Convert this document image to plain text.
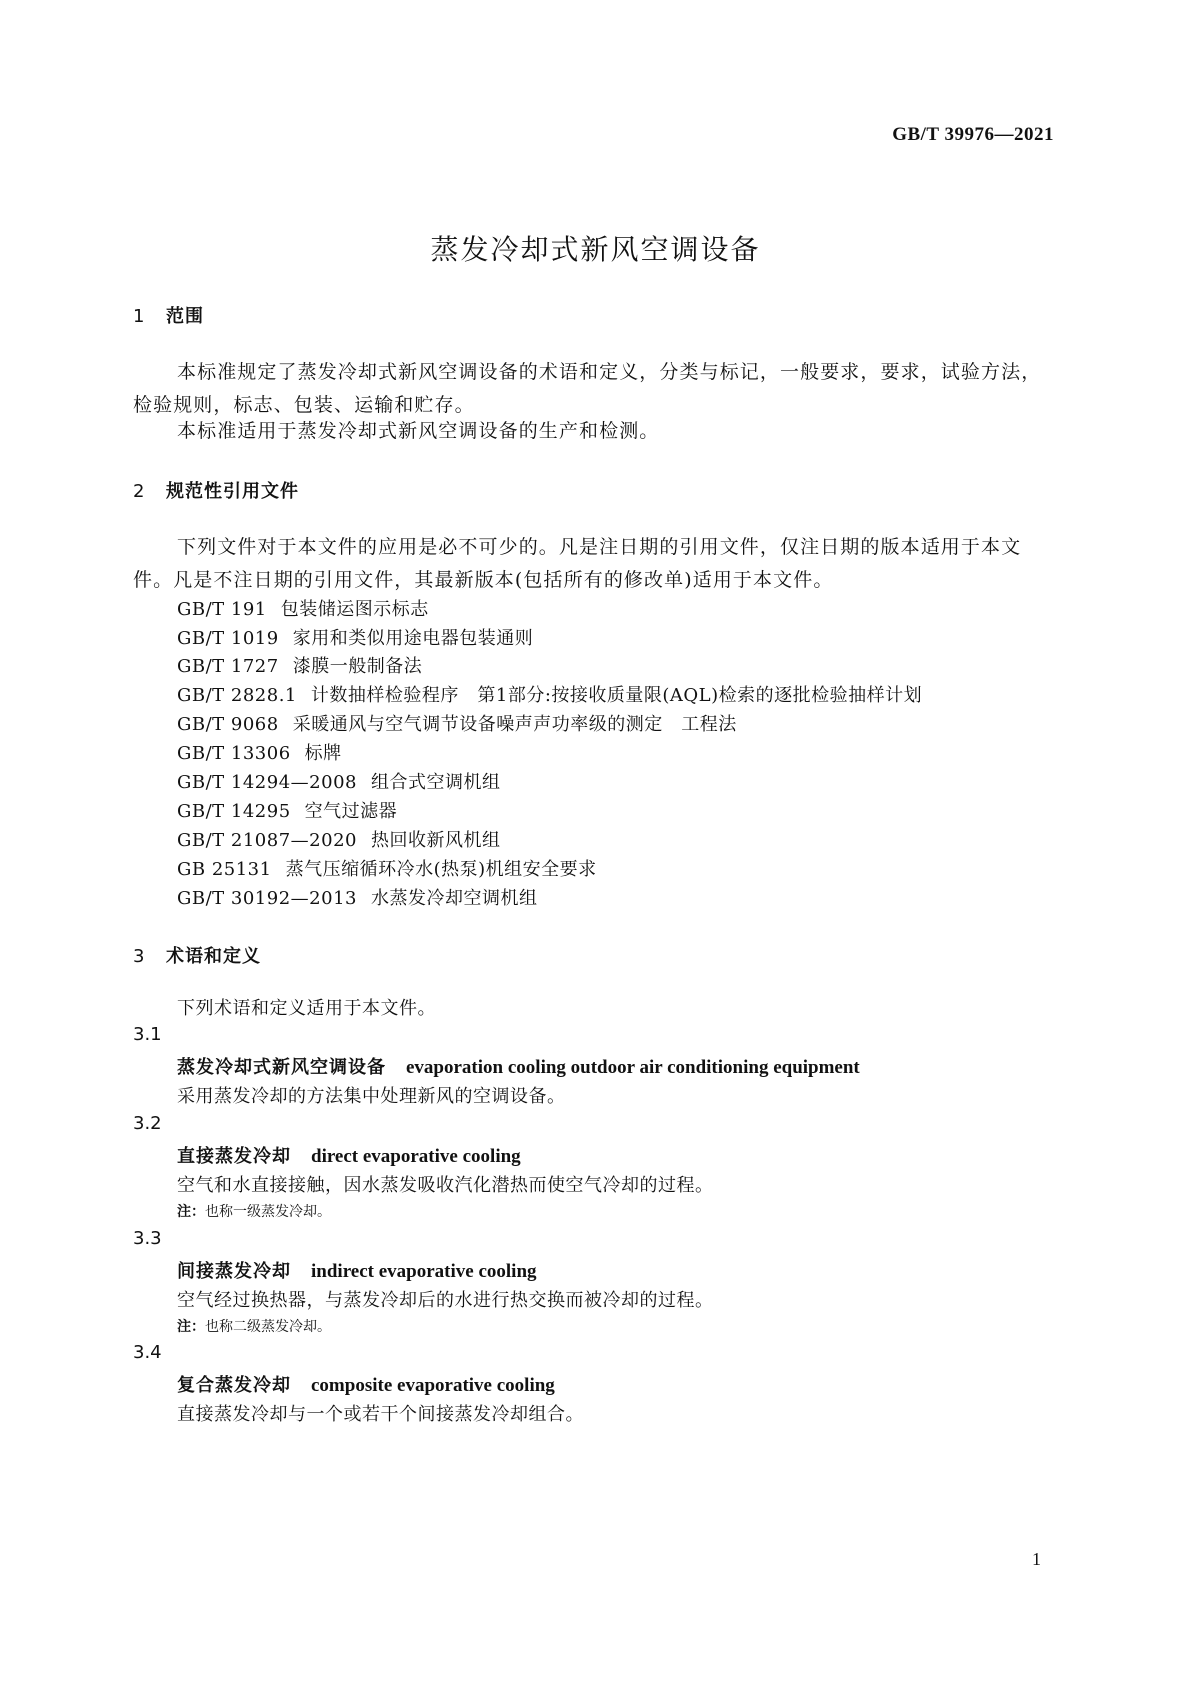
GB/T 39976—2021
蒸发冷却式新风空调设备
1 范围
本标准规定了蒸发冷却式新风空调设备的术语和定义，分类与标记，一般要求，要求，试验方法，检验规则，标志、包装、运输和贮存。
本标准适用于蒸发冷却式新风空调设备的生产和检测。
2 规范性引用文件
下列文件对于本文件的应用是必不可少的。凡是注日期的引用文件，仅注日期的版本适用于本文件。凡是不注日期的引用文件，其最新版本(包括所有的修改单)适用于本文件。
GB/T 191 包装储运图示标志
GB/T 1019 家用和类似用途电器包装通则
GB/T 1727 漆膜一般制备法
GB/T 2828.1 计数抽样检验程序　第1部分:按接收质量限(AQL)检索的逐批检验抽样计划
GB/T 9068 采暖通风与空气调节设备噪声声功率级的测定　工程法
GB/T 13306 标牌
GB/T 14294—2008 组合式空调机组
GB/T 14295 空气过滤器
GB/T 21087—2020 热回收新风机组
GB 25131 蒸气压缩循环冷水(热泵)机组安全要求
GB/T 30192—2013 水蒸发冷却空调机组
3 术语和定义
下列术语和定义适用于本文件。
3.1
蒸发冷却式新风空调设备 evaporation cooling outdoor air conditioning equipment
采用蒸发冷却的方法集中处理新风的空调设备。
3.2
直接蒸发冷却 direct evaporative cooling
空气和水直接接触，因水蒸发吸收汽化潜热而使空气冷却的过程。
注：也称一级蒸发冷却。
3.3
间接蒸发冷却 indirect evaporative cooling
空气经过换热器，与蒸发冷却后的水进行热交换而被冷却的过程。
注：也称二级蒸发冷却。
3.4
复合蒸发冷却 composite evaporative cooling
直接蒸发冷却与一个或若干个间接蒸发冷却组合。
1
